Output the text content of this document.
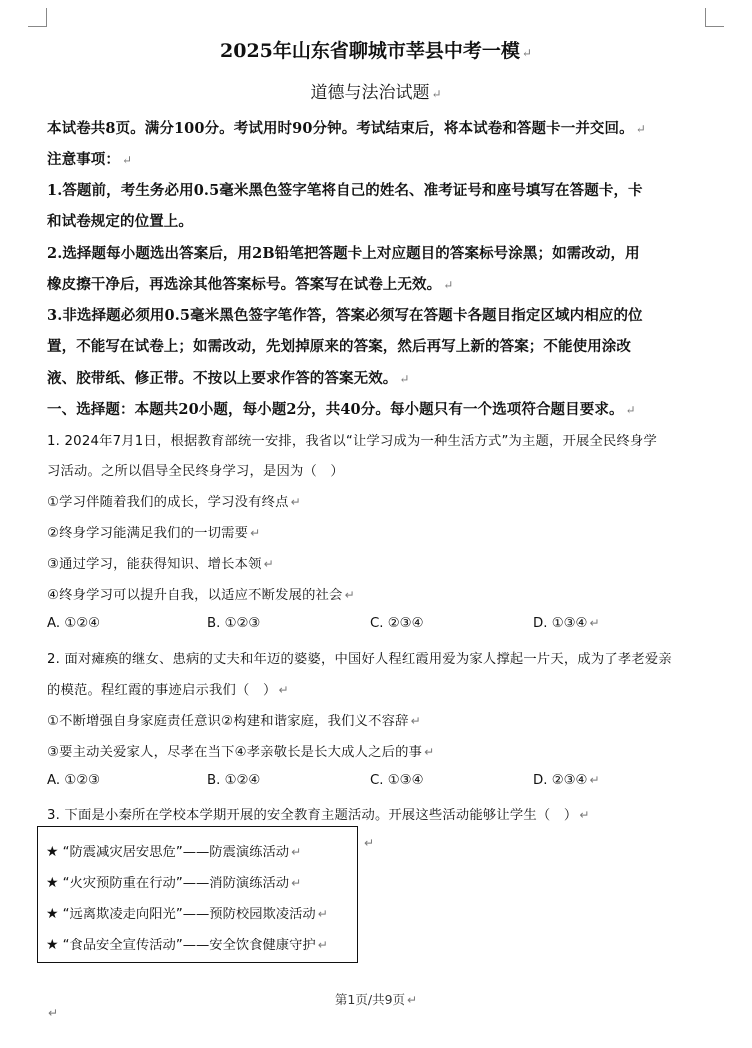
2025年山东省聊城市莘县中考一模 ↵
道德与法治试题 ↵
本试卷共8页。满分100分。考试用时90分钟。考试结束后，将本试卷和答题卡一并交回。 ↵
注意事项： ↵
1.答题前，考生务必用0.5毫米黑色签字笔将自己的姓名、准考证号和座号填写在答题卡，卡
和试卷规定的位置上。
2.选择题每小题选出答案后，用2B铅笔把答题卡上对应题目的答案标号涂黑；如需改动，用
橡皮擦干净后，再选涂其他答案标号。答案写在试卷上无效。 ↵
3.非选择题必须用0.5毫米黑色签字笔作答，答案必须写在答题卡各题目指定区域内相应的位
置，不能写在试卷上；如需改动，先划掉原来的答案，然后再写上新的答案；不能使用涂改
液、胶带纸、修正带。不按以上要求作答的答案无效。 ↵
一、选择题：本题共20小题，每小题2分，共40分。每小题只有一个选项符合题目要求。 ↵
1. 2024年7月1日，根据教育部统一安排，我省以“让学习成为一种生活方式”为主题，开展全民终身学
习活动。之所以倡导全民终身学习，是因为（　）
①学习伴随着我们的成长，学习没有终点 ↵
②终身学习能满足我们的一切需要 ↵
③通过学习，能获得知识、增长本领 ↵
④终身学习可以提升自我，以适应不断发展的社会 ↵
A. ①②④	B. ①②③	C. ②③④	D. ①③④ ↵
2. 面对瘫痪的继女、患病的丈夫和年迈的婆婆，中国好人程红霞用爱为家人撑起一片天，成为了孝老爱亲
的模范。程红霞的事迹启示我们（　） ↵
①不断增强自身家庭责任意识②构建和谐家庭，我们义不容辞 ↵
③要主动关爱家人，尽孝在当下④孝亲敬长是长大成人之后的事 ↵
A. ①②③	B. ①②④	C. ①③④	D. ②③④ ↵
3. 下面是小秦所在学校本学期开展的安全教育主题活动。开展这些活动能够让学生（　） ↵
★ “防震减灾居安思危”——防震演练活动 ↵
★ “火灾预防重在行动”——消防演练活动 ↵
★ “远离欺凌走向阳光”——预防校园欺凌活动 ↵
★ “食品安全宣传活动”——安全饮食健康守护 ↵
↵
第1页/共9页 ↵
↵
